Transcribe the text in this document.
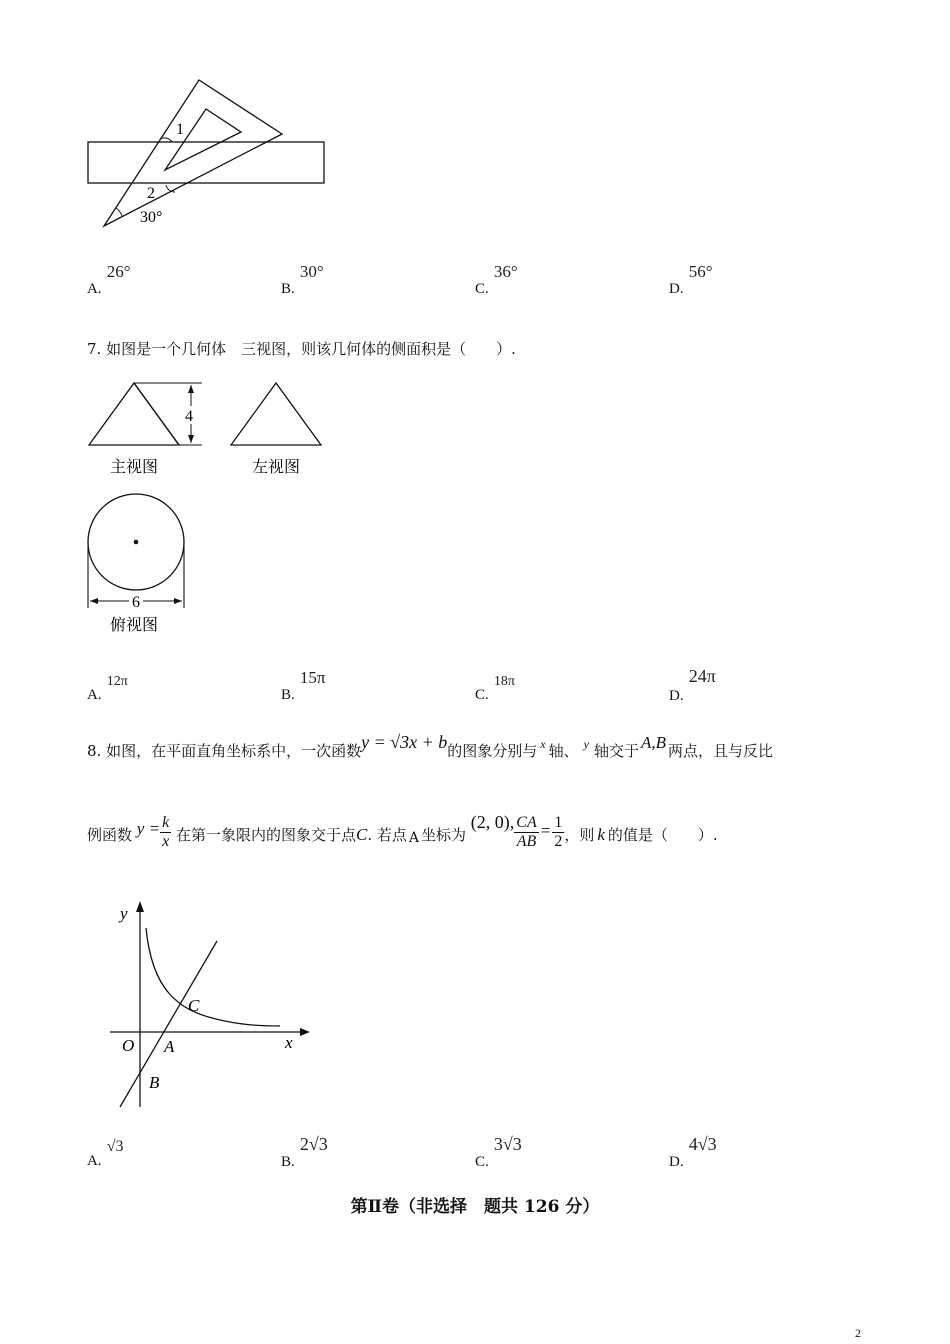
1
2
30°
A. 26°
B. 30°
C. 36°
D. 56°
7. 如图是一个几何体　三视图，则该几何体的侧面积是（　　）.
4
主视图	左视图
6
俯视图
A. 12π
B. 15π
C. 18π
D. 24π
8. 如图，在平面直角坐标系中，一次函数y = √3x + b的图象分别与 x 轴、 y 轴交于 A,B 两点，且与反比
例函数 $y = \frac{k}{x}$ 在第一象限内的图象交于点C. 若点 A 坐标为 (2, 0), $\frac{CA}{AB} = \frac{1}{2}$ ，则 k 的值是（　　）.
y
x
O A
B
C
A. √3
B. 2√3
C. 3√3
D. 4√3
第Ⅱ卷（非选择　题共 126 分）
2
